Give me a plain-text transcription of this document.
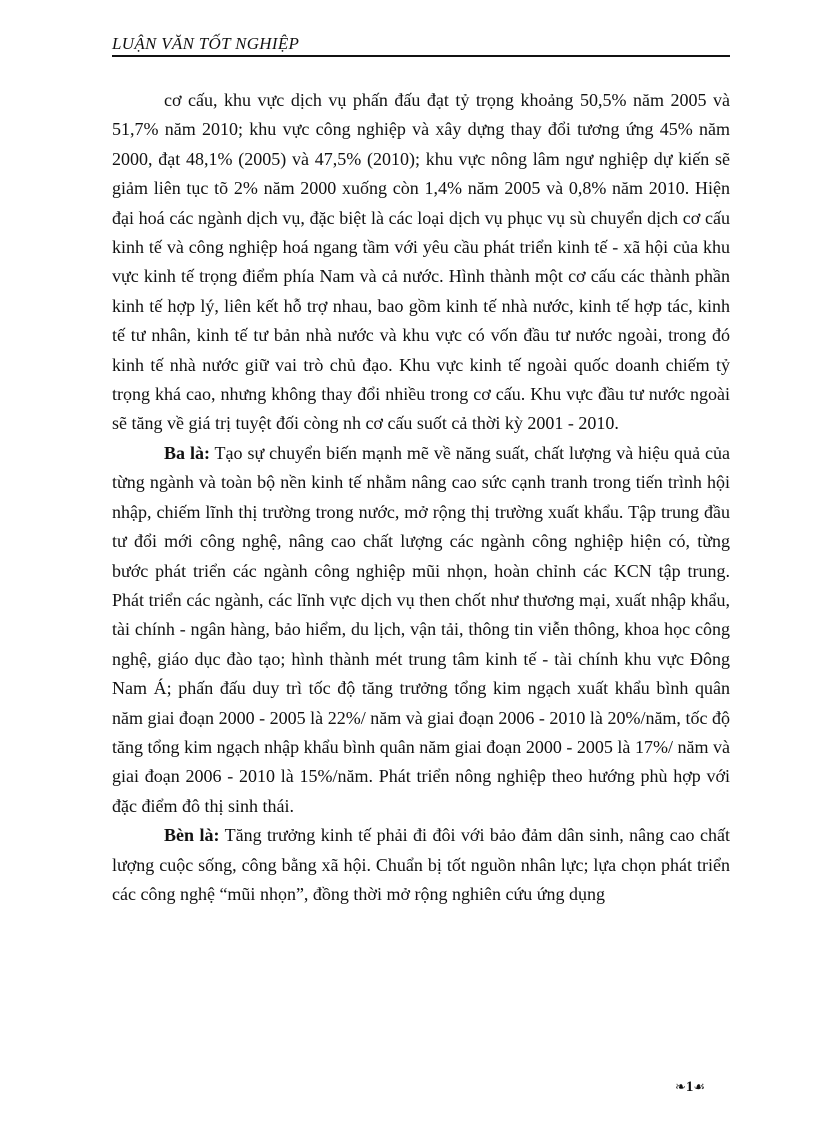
LUẬN VĂN TỐT NGHIỆP

cơ cấu, khu vực dịch vụ phấn đấu đạt tỷ trọng khoảng 50,5% năm 2005 và 51,7% năm 2010; khu vực công nghiệp và xây dựng thay đổi tương ứng 45% năm 2000, đạt 48,1% (2005) và 47,5% (2010); khu vực nông lâm ngư nghiệp dự kiến sẽ giảm liên tục tõ 2% năm 2000 xuống còn 1,4% năm 2005 và 0,8% năm 2010. Hiện đại hoá các ngành dịch vụ, đặc biệt là các loại dịch vụ phục vụ sù chuyển dịch cơ cấu kinh tế và công nghiệp hoá ngang tầm với yêu cầu phát triển kinh tế - xã hội của khu vực kinh tế trọng điểm phía Nam và cả nước. Hình thành một cơ cấu các thành phần kinh tế hợp lý, liên kết hỗ trợ nhau, bao gồm kinh tế nhà nước, kinh tế hợp tác, kinh tế tư nhân, kinh tế tư bản nhà nước và khu vực có vốn đầu tư nước ngoài, trong đó kinh tế nhà nước giữ vai trò chủ đạo. Khu vực kinh tế ngoài quốc doanh chiếm tỷ trọng khá cao, nhưng không thay đổi nhiều trong cơ cấu. Khu vực đầu tư nước ngoài sẽ tăng về giá trị tuyệt đối còng nh cơ cấu suốt cả thời kỳ 2001 - 2010.

Ba là: Tạo sự chuyển biến mạnh mẽ về năng suất, chất lượng và hiệu quả của từng ngành và toàn bộ nền kinh tế nhằm nâng cao sức cạnh tranh trong tiến trình hội nhập, chiếm lĩnh thị trường trong nước, mở rộng thị trường xuất khẩu. Tập trung đầu tư đổi mới công nghệ, nâng cao chất lượng các ngành công nghiệp hiện có, từng bước phát triển các ngành công nghiệp mũi nhọn, hoàn chỉnh các KCN tập trung. Phát triển các ngành, các lĩnh vực dịch vụ then chốt như thương mại, xuất nhập khẩu, tài chính - ngân hàng, bảo hiểm, du lịch, vận tải, thông tin viễn thông, khoa học công nghệ, giáo dục đào tạo; hình thành mét trung tâm kinh tế - tài chính khu vực Đông Nam Á; phấn đấu duy trì tốc độ tăng trưởng tổng kim ngạch xuất khẩu bình quân năm giai đoạn 2000 - 2005 là 22%/ năm và giai đoạn 2006 - 2010 là 20%/năm, tốc độ tăng tổng kim ngạch nhập khẩu bình quân năm giai đoạn 2000 - 2005 là 17%/ năm và giai đoạn 2006 - 2010 là 15%/năm. Phát triển nông nghiệp theo hướng phù hợp với đặc điểm đô thị sinh thái.

Bèn là: Tăng trưởng kinh tế phải đi đôi với bảo đảm dân sinh, nâng cao chất lượng cuộc sống, công bằng xã hội. Chuẩn bị tốt nguồn nhân lực; lựa chọn phát triển các công nghệ “mũi nhọn”, đồng thời mở rộng nghiên cứu ứng dụng

❧1☙
